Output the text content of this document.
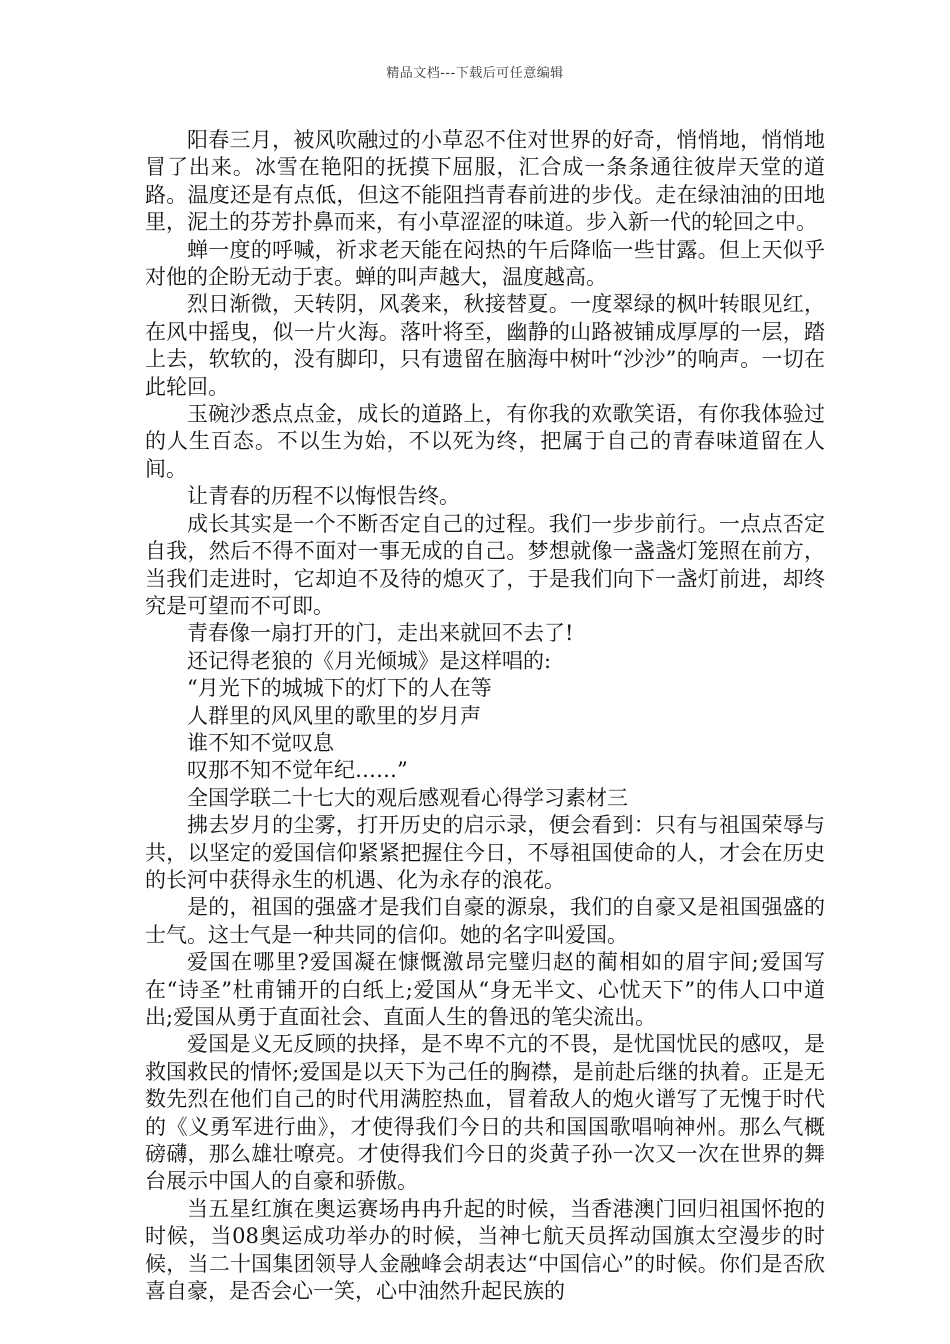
精品文档---下载后可任意编辑

阳春三月，被风吹融过的小草忍不住对世界的好奇，悄悄地，悄悄地冒了出来。冰雪在艳阳的抚摸下屈服，汇合成一条条通往彼岸天堂的道路。温度还是有点低，但这不能阻挡青春前进的步伐。走在绿油油的田地里，泥土的芬芳扑鼻而来，有小草涩涩的味道。步入新一代的轮回之中。

蝉一度的呼喊，祈求老天能在闷热的午后降临一些甘露。但上天似乎对他的企盼无动于衷。蝉的叫声越大，温度越高。

烈日渐微，天转阴，风袭来，秋接替夏。一度翠绿的枫叶转眼见红，在风中摇曳，似一片火海。落叶将至，幽静的山路被铺成厚厚的一层，踏上去，软软的，没有脚印，只有遗留在脑海中树叶“沙沙”的响声。一切在此轮回。

玉碗沙悉点点金，成长的道路上，有你我的欢歌笑语，有你我体验过的人生百态。不以生为始，不以死为终，把属于自己的青春味道留在人间。

让青春的历程不以悔恨告终。

成长其实是一个不断否定自己的过程。我们一步步前行。一点点否定自我，然后不得不面对一事无成的自己。梦想就像一盏盏灯笼照在前方，当我们走进时，它却迫不及待的熄灭了，于是我们向下一盏灯前进，却终究是可望而不可即。

青春像一扇打开的门，走出来就回不去了!

还记得老狼的《月光倾城》是这样唱的:

“月光下的城城下的灯下的人在等

人群里的风风里的歌里的岁月声

谁不知不觉叹息

叹那不知不觉年纪……”

全国学联二十七大的观后感观看心得学习素材三

拂去岁月的尘雾，打开历史的启示录，便会看到：只有与祖国荣辱与共，以坚定的爱国信仰紧紧把握住今日，不辱祖国使命的人，才会在历史的长河中获得永生的机遇、化为永存的浪花。

是的，祖国的强盛才是我们自豪的源泉，我们的自豪又是祖国强盛的士气。这士气是一种共同的信仰。她的名字叫爱国。

爱国在哪里?爱国凝在慷慨激昂完璧归赵的蔺相如的眉宇间;爱国写在“诗圣”杜甫铺开的白纸上;爱国从“身无半文、心忧天下”的伟人口中道出;爱国从勇于直面社会、直面人生的鲁迅的笔尖流出。

爱国是义无反顾的抉择，是不卑不亢的不畏，是忧国忧民的感叹，是救国救民的情怀;爱国是以天下为己任的胸襟，是前赴后继的执着。正是无数先烈在他们自己的时代用满腔热血，冒着敌人的炮火谱写了无愧于时代的《义勇军进行曲》，才使得我们今日的共和国国歌唱响神州。那么气概磅礴，那么雄壮嘹亮。才使得我们今日的炎黄子孙一次又一次在世界的舞台展示中国人的自豪和骄傲。

当五星红旗在奥运赛场冉冉升起的时候，当香港澳门回归祖国怀抱的时候，当08奥运成功举办的时候，当神七航天员挥动国旗太空漫步的时候，当二十国集团领导人金融峰会胡表达“中国信心”的时候。你们是否欣喜自豪，是否会心一笑，心中油然升起民族的
